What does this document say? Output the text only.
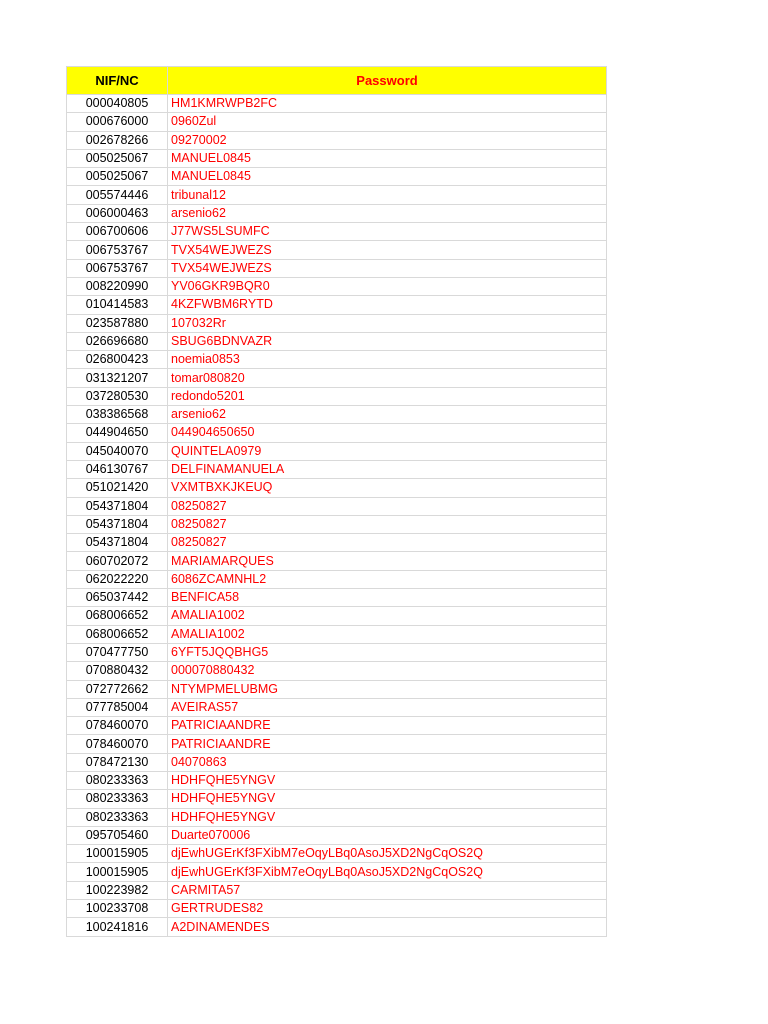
NIF/NC	Password
000040805	HM1KMRWPB2FC
000676000	0960Zul
002678266	09270002
005025067	MANUEL0845
005025067	MANUEL0845
005574446	tribunal12
006000463	arsenio62
006700606	J77WS5LSUMFC
006753767	TVX54WEJWEZS
006753767	TVX54WEJWEZS
008220990	YV06GKR9BQR0
010414583	4KZFWBM6RYTD
023587880	107032Rr
026696680	SBUG6BDNVAZR
026800423	noemia0853
031321207	tomar080820
037280530	redondo5201
038386568	arsenio62
044904650	044904650650
045040070	QUINTELA0979
046130767	DELFINAMANUELA
051021420	VXMTBXKJKEUQ
054371804	08250827
054371804	08250827
054371804	08250827
060702072	MARIAMARQUES
062022220	6086ZCAMNHL2
065037442	BENFICA58
068006652	AMALIA1002
068006652	AMALIA1002
070477750	6YFT5JQQBHG5
070880432	000070880432
072772662	NTYMPMELUBMG
077785004	AVEIRAS57
078460070	PATRICIAANDRE
078460070	PATRICIAANDRE
078472130	04070863
080233363	HDHFQHE5YNGV
080233363	HDHFQHE5YNGV
080233363	HDHFQHE5YNGV
095705460	Duarte070006
100015905	djEwhUGErKf3FXibM7eOqyLBq0AsoJ5XD2NgCqOS2Q
100015905	djEwhUGErKf3FXibM7eOqyLBq0AsoJ5XD2NgCqOS2Q
100223982	CARMITA57
100233708	GERTRUDES82
100241816	A2DINAMENDES
